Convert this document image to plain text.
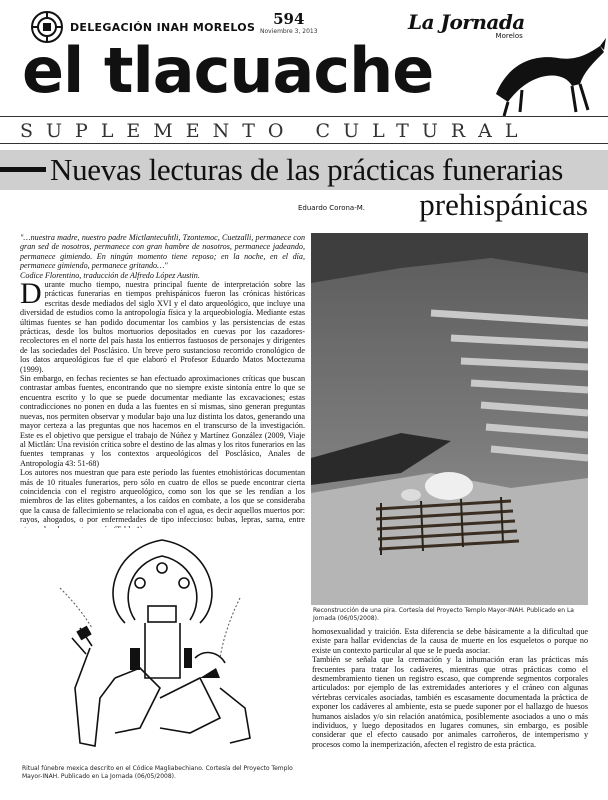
DELEGACIÓN INAH MORELOS	594
Noviembre 3, 2013	La Jornada
Morelos
el tlacuache
SUPLEMENTO CULTURAL
Nuevas lecturas de las prácticas funerarias
prehispánicas
Eduardo Corona-M.
"…nuestra madre, nuestro padre Mictlantecuhtli, Tzontemoc, Cuetzalli, permanece con gran sed de nosotros, permanece con gran hambre de nosotros, permanece jadeando, permanece gimiendo. En ningún momento tiene reposo; en la noche, en el día, permanece gimiendo, permanece gritando…"
Codice Florentino, traducción de Alfredo López Austin.

Durante mucho tiempo, nuestra principal fuente de interpretación sobre las prácticas funerarias en tiempos prehispánicos fueron las crónicas históricas escritas desde mediados del siglo XVI y el dato arqueológico, que incluye una diversidad de estudios como la antropología física y la arqueobiología. Mediante estas últimas fuentes se han podido documentar los cambios y las persistencias de estas prácticas, desde los bultos mortuorios depositados en cuevas por los cazadores-recolectores en el norte del país hasta los entierros fastuosos de personajes y dirigentes de las sociedades del Posclásico. Un breve pero sustancioso recorrido cronológico de los datos arqueológicos fue el que elaboró el Profesor Eduardo Matos Moctezuma (1999).

Sin embargo, en fechas recientes se han efectuado aproximaciones críticas que buscan contrastar ambas fuentes, encontrando que no siempre existe sintonía entre lo que se encuentra escrito y lo que se puede documentar mediante las excavaciones; estas contradicciones no ponen en duda a las fuentes en sí mismas, sino generan preguntas nuevas, nos permiten observar y modular bajo una luz distinta los datos, generando una mayor certeza a las preguntas que nos hacemos en el transcurso de la investigación. Este es el objetivo que persigue el trabajo de Núñez y Martínez González (2009, Viaje al Mictlán: Una revisión crítica sobre el destino de las almas y los ritos funerarios en las fuentes tempranas y los contextos arqueológicos del Posclásico, Anales de Antropología 43: 51-68)

Los autores nos muestran que para este período las fuentes etnohistóricas documentan más de 10 rituales funerarios, pero sólo en cuatro de ellos se puede encontrar cierta coincidencia con el registro arqueológico, como son los que se les rendían a los miembros de las elites gobernantes, a los caídos en combate, a los que se consideraba que la causa de fallecimiento se relacionaba con el agua, es decir aquellos muertos por: rayos, ahogados, o por enfermedades de tipo infeccioso: bubas, lepras, sarna, entre

Reconstrucción de una pira. Cortesía del Proyecto Templo Mayor-INAH. Publicado en La Jornada (06/05/2008).

homosexualidad y traición. Esta diferencia se debe básicamente a la dificultad que existe para hallar evidencias de la causa de muerte en los esqueletos o porque no existe un contexto particular al que se le pueda asociar.

También se señala que la cremación y la inhumación eran las prácticas más frecuentes para tratar los cadáveres, mientras que otras prácticas como el desmembramiento tienen un registro escaso, que comprende segmentos corporales articulados: por ejemplo de las extremidades anteriores y el cráneo con algunas vértebras cervicales asociadas, también es escasamente documentada la práctica de exponer los cadáveres al ambiente, esta se puede suponer por el hallazgo de huesos humanos aislados y/o sin relación anatómica, posiblemente asociados a uno o más individuos, y luego depositados en lugares comunes, sin embargo, es posible considerar que el efecto causado por animales carroñeros, de intemperismo y procesos como la inemperización, afecten el registro de esta práctica.

Ritual fúnebre mexica descrito en el Códice Magliabechiano. Cortesía del Proyecto Templo Mayor-INAH. Publicado en La Jornada (06/05/2008).
